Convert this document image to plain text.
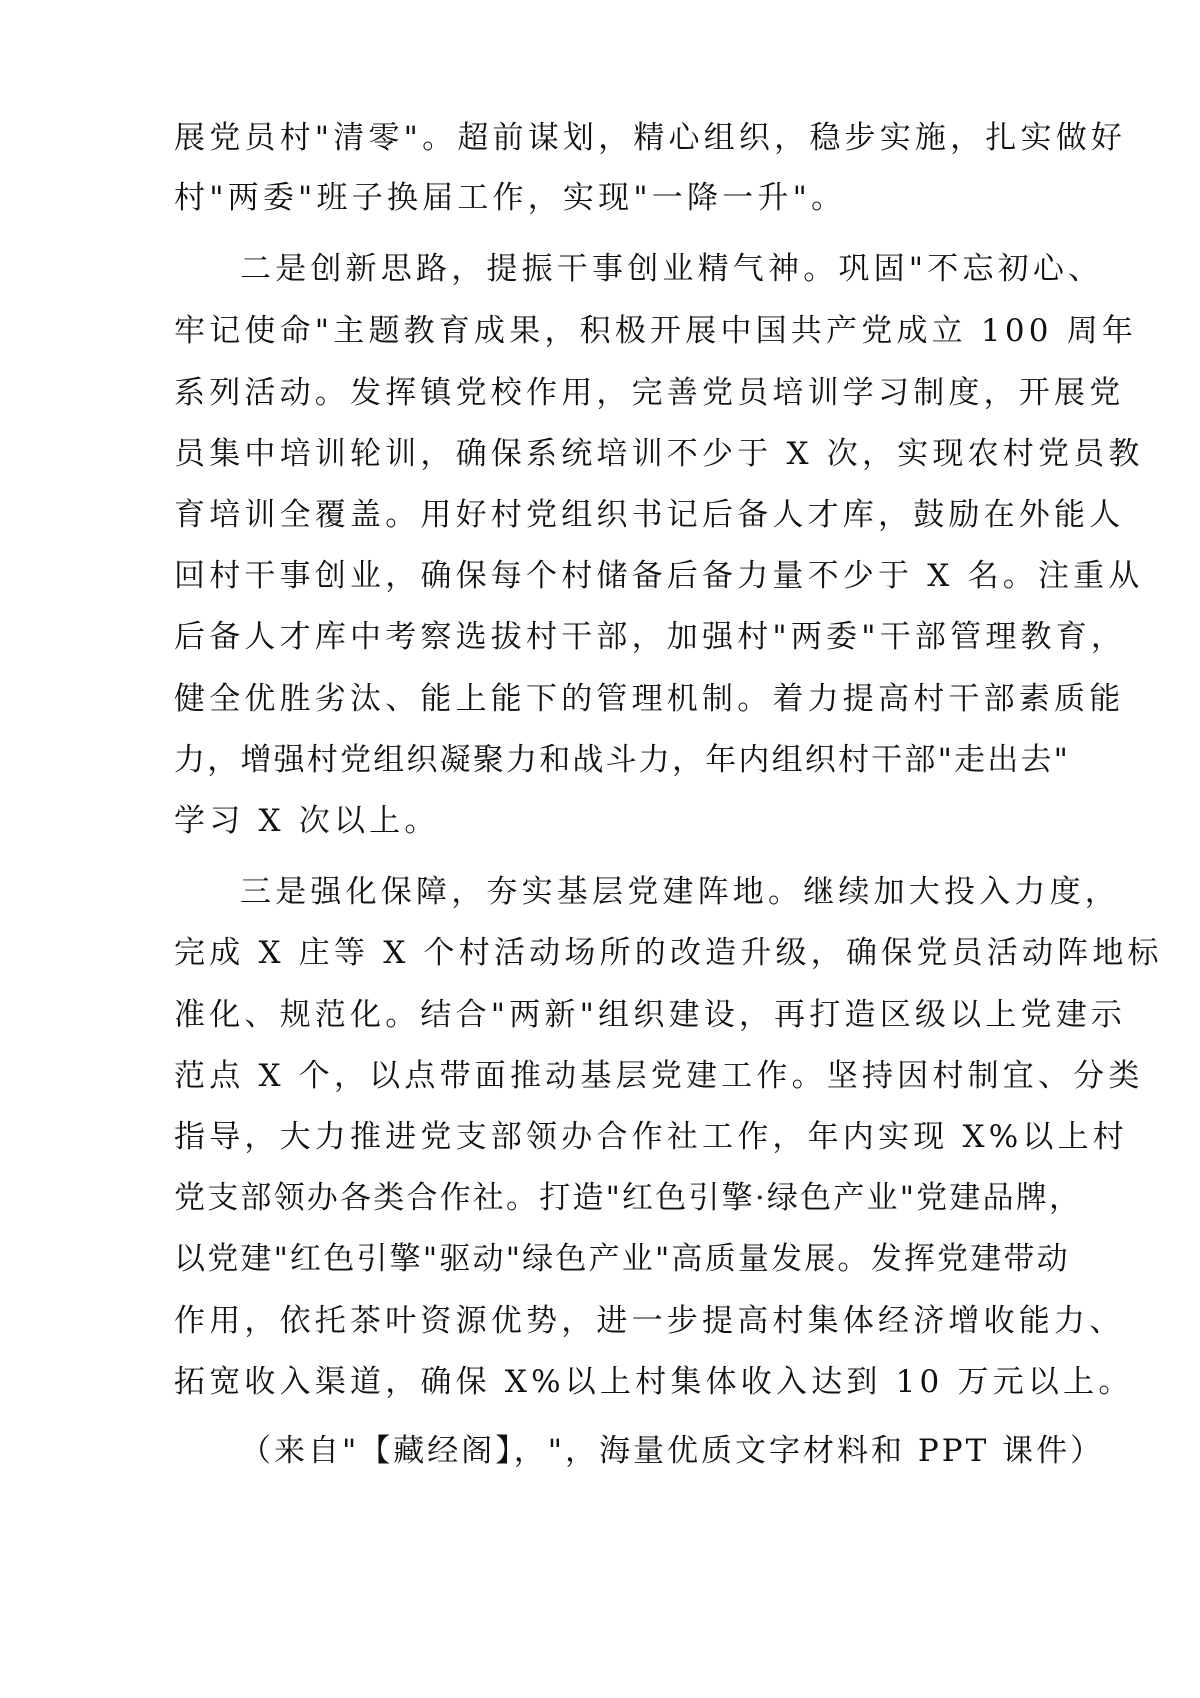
展党员村"清零"。超前谋划，精心组织，稳步实施，扎实做好

村"两委"班子换届工作，实现"一降一升"。

二是创新思路，提振干事创业精气神。巩固"不忘初心、

牢记使命"主题教育成果，积极开展中国共产党成立 100 周年

系列活动。发挥镇党校作用，完善党员培训学习制度，开展党

员集中培训轮训，确保系统培训不少于 X 次，实现农村党员教

育培训全覆盖。用好村党组织书记后备人才库，鼓励在外能人

回村干事创业，确保每个村储备后备力量不少于 X 名。注重从

后备人才库中考察选拔村干部，加强村"两委"干部管理教育，

健全优胜劣汰、能上能下的管理机制。着力提高村干部素质能

力，增强村党组织凝聚力和战斗力，年内组织村干部"走出去"

学习 X 次以上。

三是强化保障，夯实基层党建阵地。继续加大投入力度，

完成 X 庄等 X 个村活动场所的改造升级，确保党员活动阵地标

准化、规范化。结合"两新"组织建设，再打造区级以上党建示

范点 X 个，以点带面推动基层党建工作。坚持因村制宜、分类

指导，大力推进党支部领办合作社工作，年内实现 X%以上村

党支部领办各类合作社。打造"红色引擎·绿色产业"党建品牌，

以党建"红色引擎"驱动"绿色产业"高质量发展。发挥党建带动

作用，依托茶叶资源优势，进一步提高村集体经济增收能力、

拓宽收入渠道，确保 X%以上村集体收入达到 10 万元以上。

（来自"【藏经阁】，"，海量优质文字材料和 PPT 课件）
